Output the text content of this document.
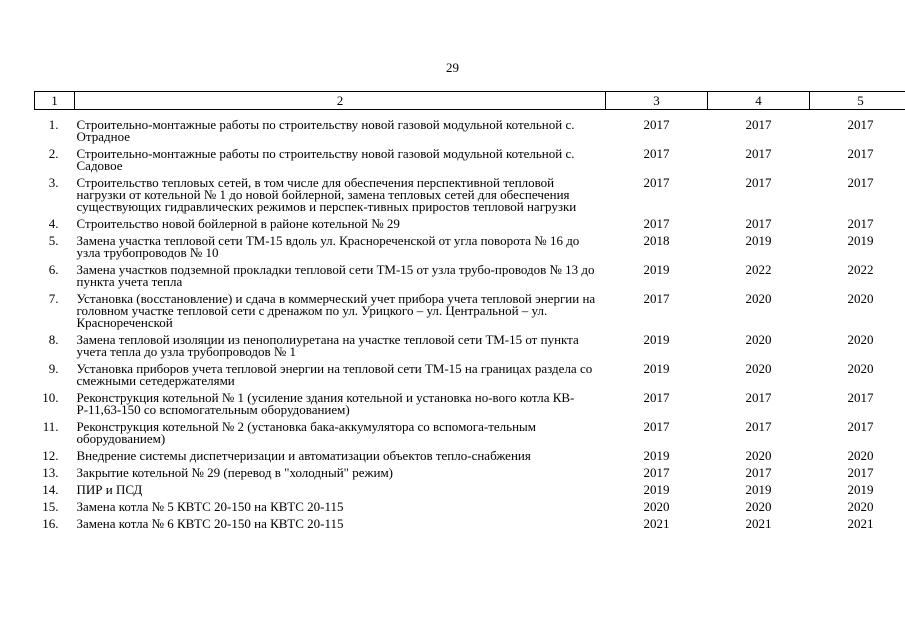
29
1	2	3	4	5
1.	Строительно-монтажные работы по строительству новой газовой модульной котельной с. Отрадное	2017	2017	2017
2.	Строительно-монтажные работы по строительству новой газовой модульной котельной с. Садовое	2017	2017	2017
3.	Строительство тепловых сетей, в том числе для обеспечения перспективной тепловой нагрузки от котельной № 1 до новой бойлерной, замена тепловых сетей для обеспечения существующих гидравлических режимов и перспек-тивных приростов тепловой нагрузки	2017	2017	2017
4.	Строительство новой бойлерной в районе котельной № 29	2017	2017	2017
5.	Замена участка тепловой сети ТМ-15 вдоль ул. Краснореченской от угла поворота № 16 до узла трубопроводов № 10	2018	2019	2019
6.	Замена участков подземной прокладки тепловой сети ТМ-15 от узла трубо-проводов № 13 до пункта учета тепла	2019	2022	2022
7.	Установка (восстановление) и сдача в коммерческий учет прибора учета тепловой энергии на головном участке тепловой сети с дренажом по ул. Урицкого – ул. Центральной – ул. Краснореченской	2017	2020	2020
8.	Замена тепловой изоляции из пенополиуретана на участке тепловой сети ТМ-15 от пункта учета тепла до узла трубопроводов № 1	2019	2020	2020
9.	Установка приборов учета тепловой энергии на тепловой сети ТМ-15 на границах раздела со смежными сетедержателями	2019	2020	2020
10.	Реконструкция котельной № 1 (усиление здания котельной и установка но-вого котла КВ-Р-11,63-150 со вспомогательным оборудованием)	2017	2017	2017
11.	Реконструкция котельной № 2 (установка бака-аккумулятора со вспомога-тельным оборудованием)	2017	2017	2017
12.	Внедрение системы диспетчеризации и автоматизации объектов тепло-снабжения	2019	2020	2020
13.	Закрытие котельной № 29 (перевод в "холодный" режим)	2017	2017	2017
14.	ПИР и ПСД	2019	2019	2019
15.	Замена котла № 5 КВТС 20-150 на КВТС 20-115	2020	2020	2020
16.	Замена котла № 6 КВТС 20-150 на КВТС 20-115	2021	2021	2021
